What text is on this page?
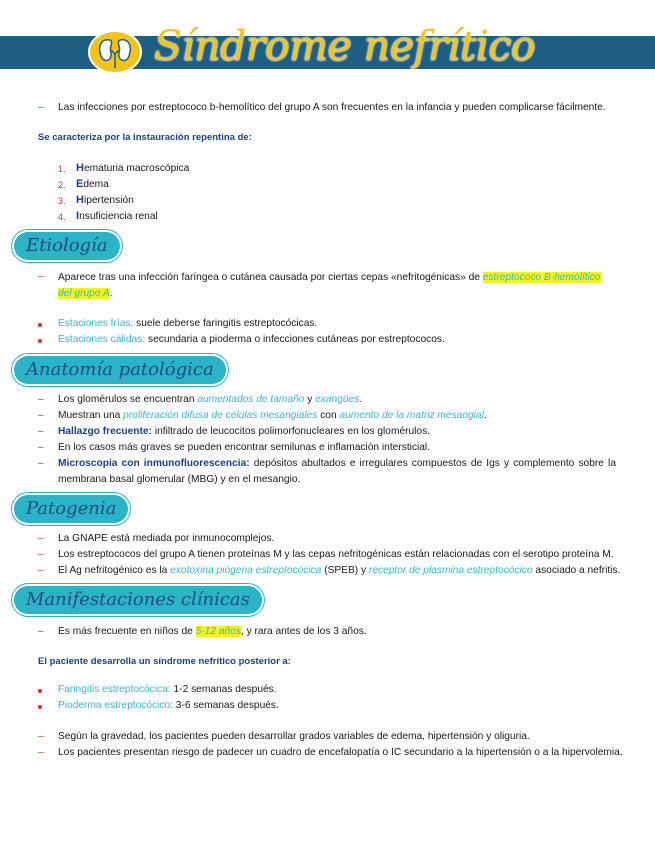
Síndrome nefrítico
– Las infecciones por estreptococo b-hemolítico del grupo A son frecuentes en la infancia y pueden complicarse fácilmente.
Se caracteriza por la instauración repentina de:
1. Hematuria macroscópica
2. Edema
3. Hipertensión
4. Insuficiencia renal
Etiología
– Aparece tras una infección faríngea o cutánea causada por ciertas cepas «nefritogénicas» de estreptococo B-hemolítico del grupo A.
Estaciones frías: suele deberse faringitis estreptocócicas.
Estaciones cálidas: secundaria a pioderma o infecciones cutáneas por estreptococos.
Anatomía patológica
– Los glomérulos se encuentran aumentados de tamaño y exangües.
– Muestran una proliferación difusa de células mesangiales con aumento de la matriz mesangial.
– Hallazgo frecuente: infiltrado de leucocitos polimorfonucleares en los glomérulos.
– En los casos más graves se pueden encontrar semilunas e inflamación intersticial.
– Microscopia con inmunofluorescencia: depósitos abultados e irregulares compuestos de Igs y complemento sobre la membrana basal glomerular (MBG) y en el mesangio.
Patogenia
– La GNAPE está mediada por inmunocomplejos.
– Los estreptococos del grupo A tienen proteínas M y las cepas nefritogénicas están relacionadas con el serotipo proteína M.
– El Ag nefritogénico es la exotoxina piógena estreptocócica (SPEB) y receptor de plasmina estreptocócico asociado a nefritis.
Manifestaciones clínicas
– Es más frecuente en niños de 5-12 años, y rara antes de los 3 años.
El paciente desarrolla un síndrome nefrítico posterior a:
Faringitis estreptocócica: 1-2 semanas después.
Pioderma estreptocócico: 3-6 semanas después.
– Según la gravedad, los pacientes pueden desarrollar grados variables de edema, hipertensión y oliguria.
– Los pacientes presentan riesgo de padecer un cuadro de encefalopatía o IC secundario a la hipertensión o a la hipervolemia.
